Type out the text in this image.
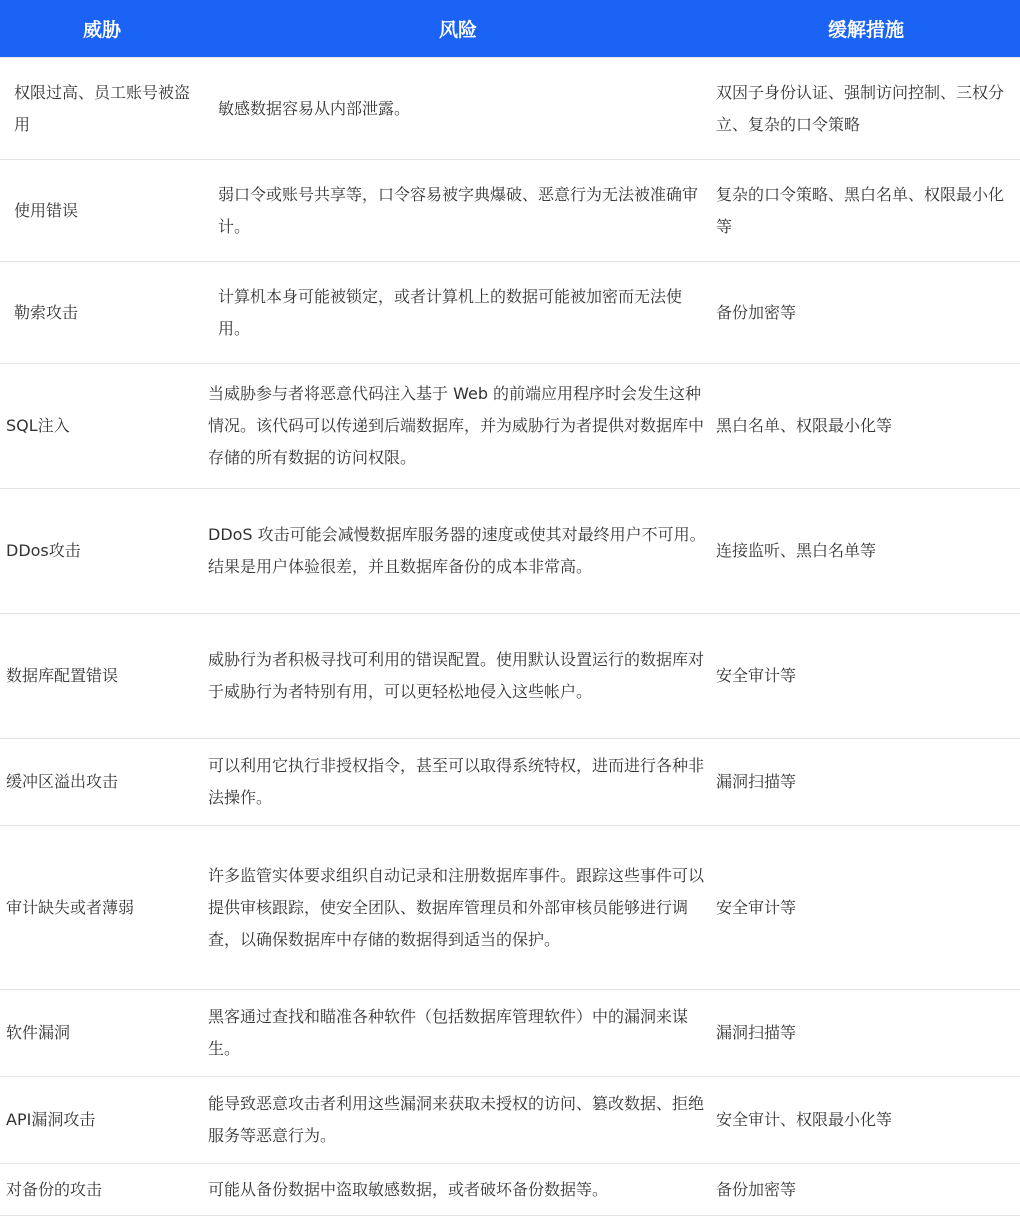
威胁	风险	缓解措施
权限过高、员工账号被盗用	敏感数据容易从内部泄露。	双因子身份认证、强制访问控制、三权分立、复杂的口令策略
使用错误	弱口令或账号共享等，口令容易被字典爆破、恶意行为无法被准确审计。	复杂的口令策略、黑白名单、权限最小化等
勒索攻击	计算机本身可能被锁定，或者计算机上的数据可能被加密而无法使用。	备份加密等
SQL注入	当威胁参与者将恶意代码注入基于 Web 的前端应用程序时会发生这种情况。该代码可以传递到后端数据库，并为威胁行为者提供对数据库中存储的所有数据的访问权限。	黑白名单、权限最小化等
DDos攻击	DDoS 攻击可能会减慢数据库服务器的速度或使其对最终用户不可用。结果是用户体验很差，并且数据库备份的成本非常高。	连接监听、黑白名单等
数据库配置错误	威胁行为者积极寻找可利用的错误配置。使用默认设置运行的数据库对于威胁行为者特别有用，可以更轻松地侵入这些帐户。	安全审计等
缓冲区溢出攻击	可以利用它执行非授权指令，甚至可以取得系统特权，进而进行各种非法操作。	漏洞扫描等
审计缺失或者薄弱	许多监管实体要求组织自动记录和注册数据库事件。跟踪这些事件可以提供审核跟踪，使安全团队、数据库管理员和外部审核员能够进行调查，以确保数据库中存储的数据得到适当的保护。	安全审计等
软件漏洞	黑客通过查找和瞄准各种软件（包括数据库管理软件）中的漏洞来谋生。	漏洞扫描等
API漏洞攻击	能导致恶意攻击者利用这些漏洞来获取未授权的访问、篡改数据、拒绝服务等恶意行为。	安全审计、权限最小化等
对备份的攻击	可能从备份数据中盗取敏感数据，或者破坏备份数据等。	备份加密等
